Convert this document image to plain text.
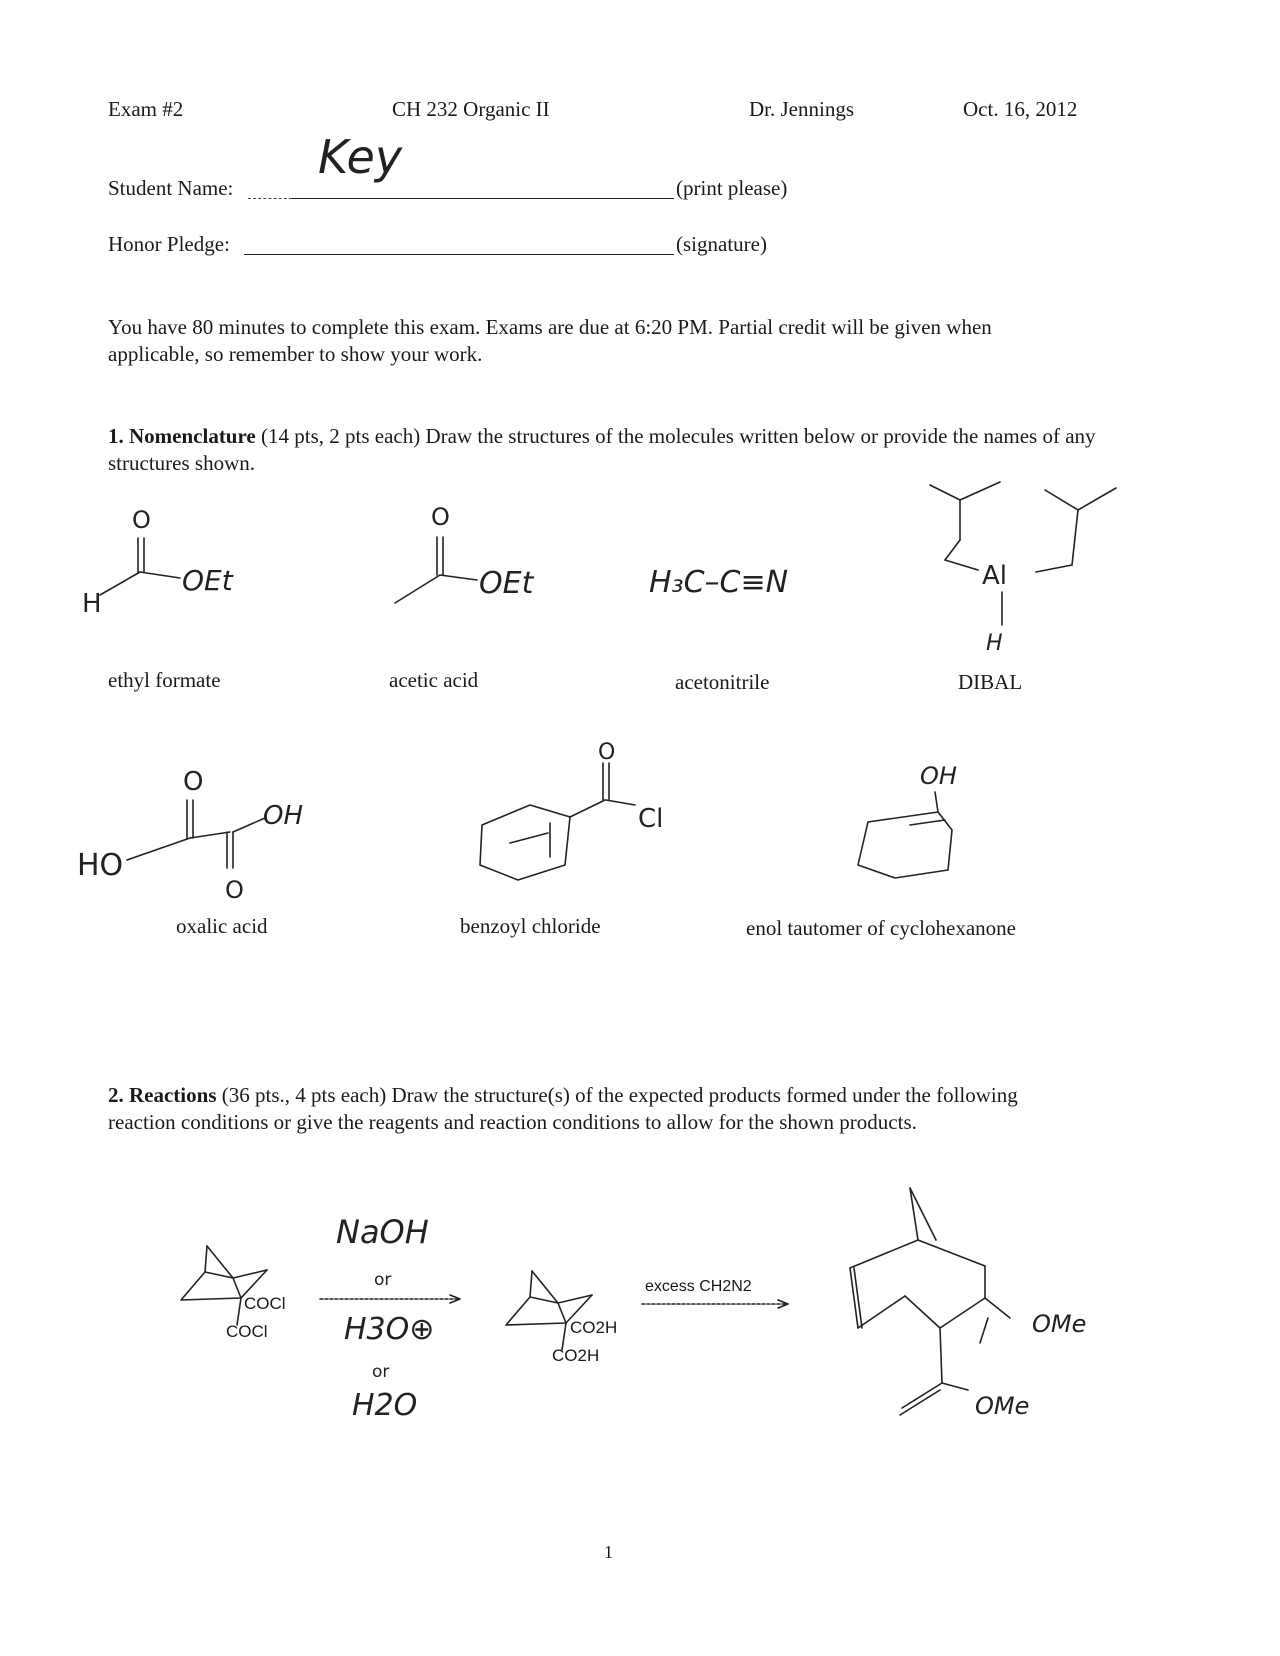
Exam #2	CH 232 Organic II	Dr. Jennings	Oct. 16, 2012
Student Name:
Key
(print please)
Honor Pledge:	(signature)
You have 80 minutes to complete this exam. Exams are due at 6:20 PM. Partial credit will be given when applicable, so remember to show your work.
1. Nomenclature (14 pts, 2 pts each) Draw the structures of the molecules written below or provide the names of any structures shown.
O
H
OEt
ethyl formate
O
OEt
acetic acid
H₃C–C≡N
acetonitrile
Al
H
DIBAL
O
O
HO
OH
oxalic acid
O
Cl
benzoyl chloride
OH
enol tautomer of cyclohexanone
2. Reactions (36 pts., 4 pts each) Draw the structure(s) of the expected products formed under the following reaction conditions or give the reagents and reaction conditions to allow for the shown products.
COCl
COCl
NaOH
or
H3O⊕
or
H2O
CO2H
CO2H
excess CH2N2
OMe
OMe
1
